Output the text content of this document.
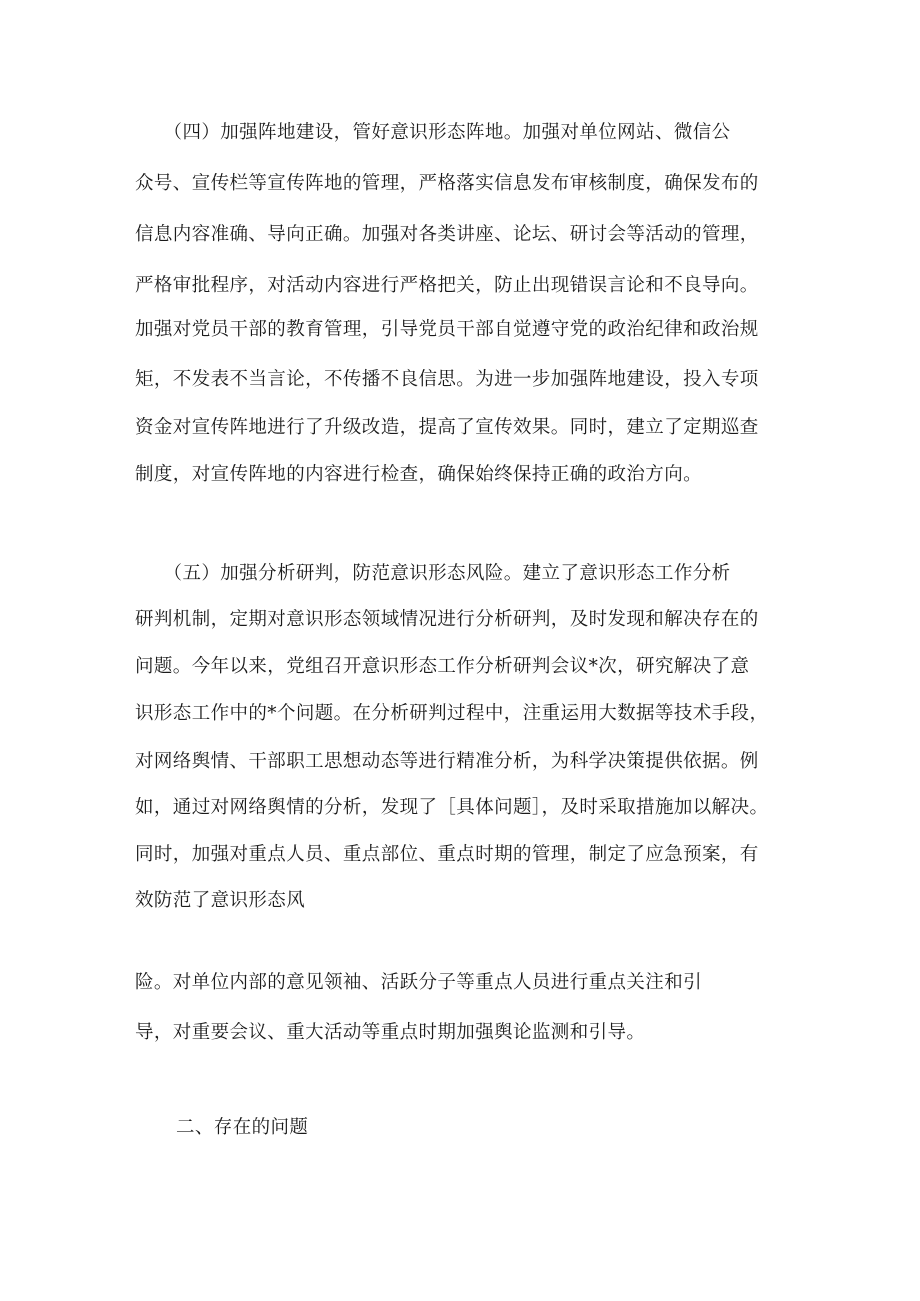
　　（四）加强阵地建设，管好意识形态阵地。加强对单位网站、微信公
众号、宣传栏等宣传阵地的管理，严格落实信息发布审核制度，确保发布的
信息内容准确、导向正确。加强对各类讲座、论坛、研讨会等活动的管理，
严格审批程序，对活动内容进行严格把关，防止出现错误言论和不良导向。
加强对党员干部的教育管理，引导党员干部自觉遵守党的政治纪律和政治规
矩，不发表不当言论，不传播不良信思。为进一步加强阵地建设，投入专项
资金对宣传阵地进行了升级改造，提高了宣传效果。同时，建立了定期巡查
制度，对宣传阵地的内容进行检查，确保始终保持正确的政治方向。
　　（五）加强分析研判，防范意识形态风险。建立了意识形态工作分析
研判机制，定期对意识形态领域情况进行分析研判，及时发现和解决存在的
问题。今年以来，党组召开意识形态工作分析研判会议*次，研究解决了意
识形态工作中的*个问题。在分析研判过程中，注重运用大数据等技术手段，
对网络舆情、干部职工思想动态等进行精准分析，为科学决策提供依据。例
如，通过对网络舆情的分析，发现了［具体问题］，及时采取措施加以解决。
同时，加强对重点人员、重点部位、重点时期的管理，制定了应急预案，有
效防范了意识形态风
险。对单位内部的意见领袖、活跃分子等重点人员进行重点关注和引
导，对重要会议、重大活动等重点时期加强舆论监测和引导。
二、存在的问题
